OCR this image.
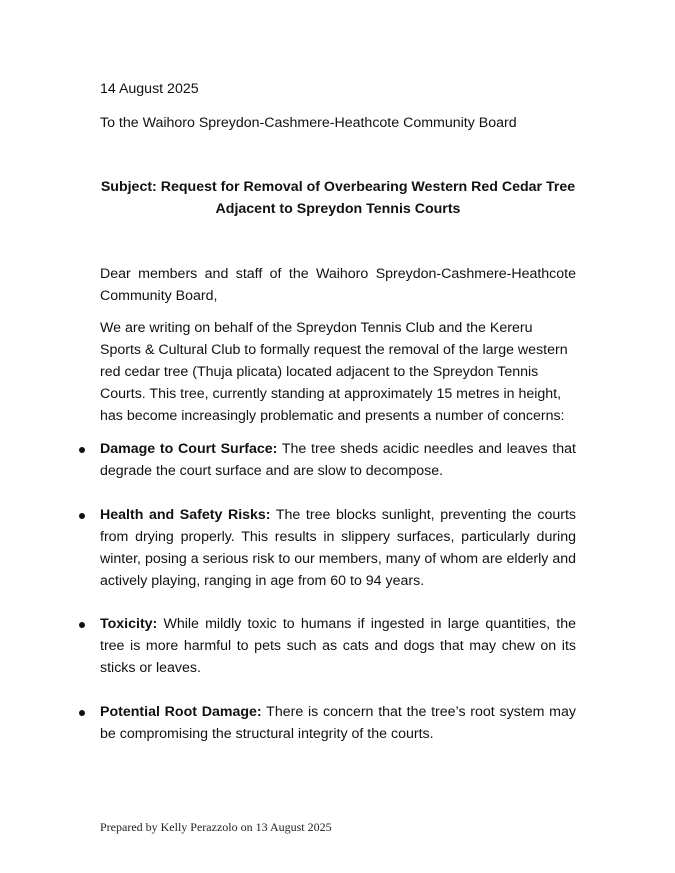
14 August 2025
To the Waihoro Spreydon-Cashmere-Heathcote Community Board
Subject: Request for Removal of Overbearing Western Red Cedar Tree Adjacent to Spreydon Tennis Courts
Dear members and staff of the Waihoro Spreydon-Cashmere-Heathcote Community Board,
We are writing on behalf of the Spreydon Tennis Club and the Kereru Sports & Cultural Club to formally request the removal of the large western red cedar tree (Thuja plicata) located adjacent to the Spreydon Tennis Courts. This tree, currently standing at approximately 15 metres in height, has become increasingly problematic and presents a number of concerns:
Damage to Court Surface: The tree sheds acidic needles and leaves that degrade the court surface and are slow to decompose.
Health and Safety Risks: The tree blocks sunlight, preventing the courts from drying properly. This results in slippery surfaces, particularly during winter, posing a serious risk to our members, many of whom are elderly and actively playing, ranging in age from 60 to 94 years.
Toxicity: While mildly toxic to humans if ingested in large quantities, the tree is more harmful to pets such as cats and dogs that may chew on its sticks or leaves.
Potential Root Damage: There is concern that the tree’s root system may be compromising the structural integrity of the courts.
Prepared by Kelly Perazzolo on 13 August 2025
